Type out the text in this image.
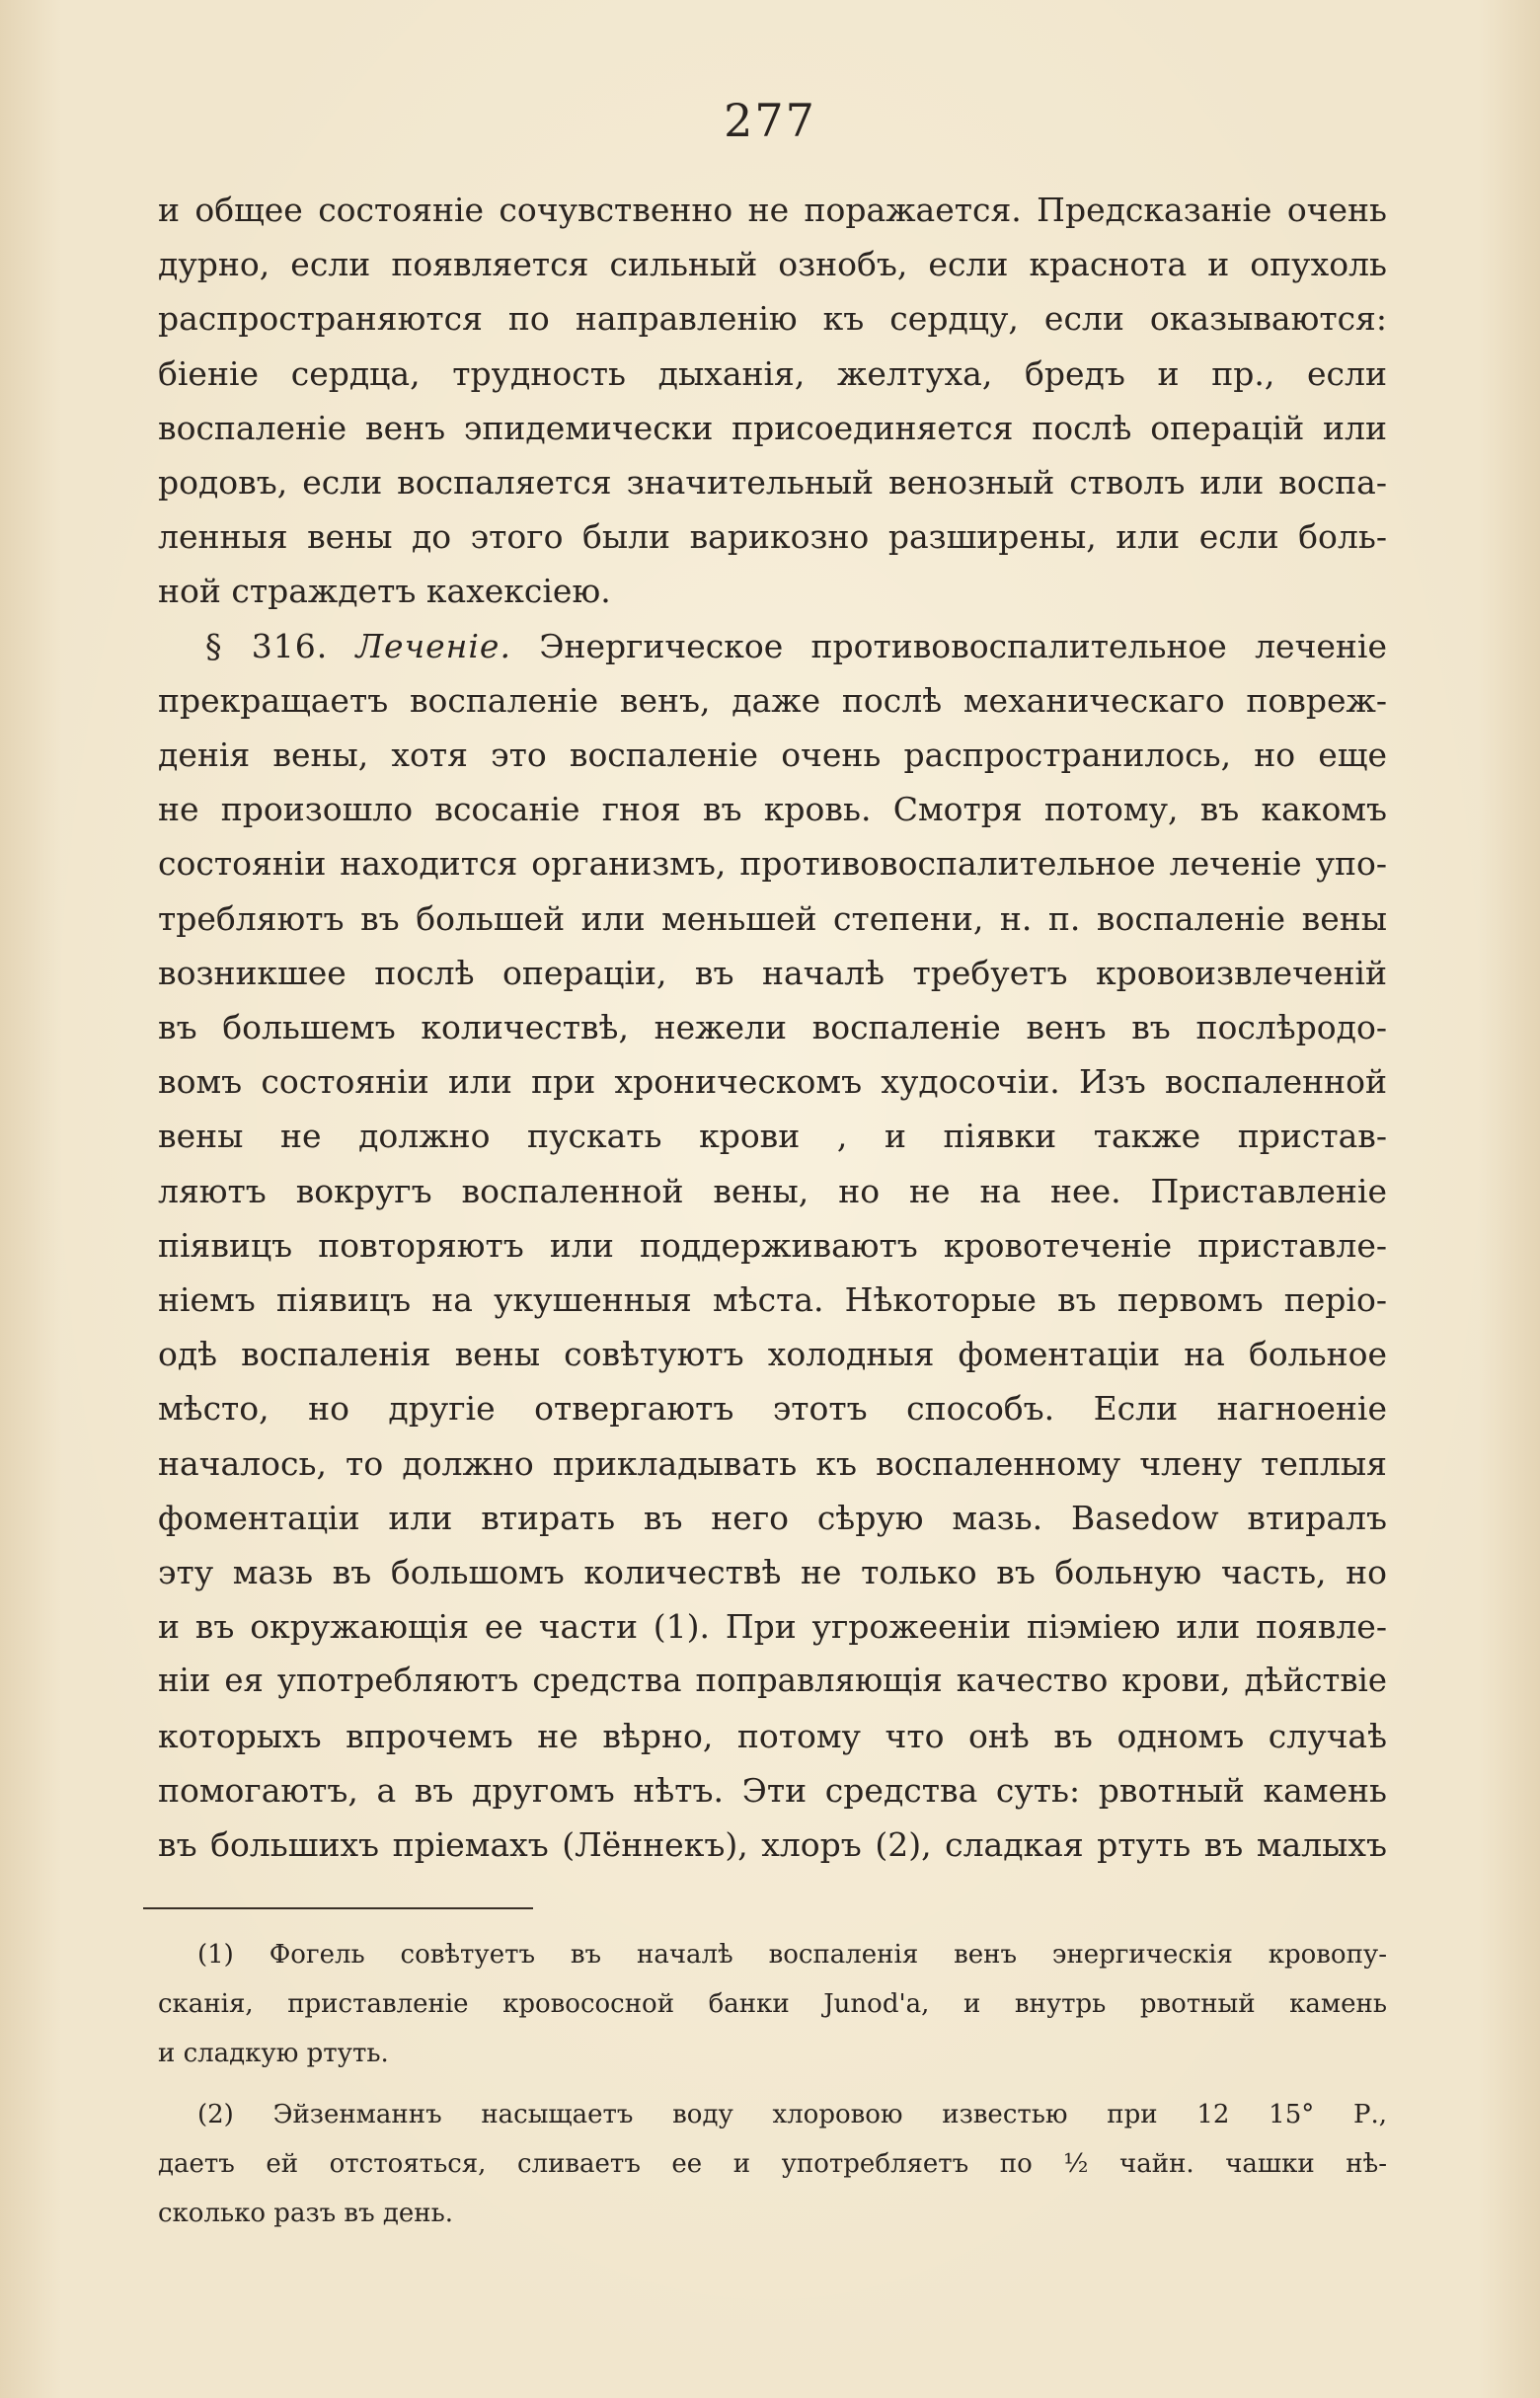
277
и общее состояніе сочувственно не поражается. Предсказаніе очень
дурно, если появляется сильный ознобъ, если краснота и опухоль
распространяются по направленію къ сердцу, если оказываются:
біеніе сердца, трудность дыханія, желтуха, бредъ и пр., если
воспаленіе венъ эпидемически присоединяется послѣ операцій или
родовъ, если воспаляется значительный венозный стволъ или воспа-
ленныя вены до этого были варикозно разширены, или если боль-
ной страждетъ кахексіею.
§ 316. Леченіе. Энергическое противовоспалительное леченіе
прекращаетъ воспаленіе венъ, даже послѣ механическаго повреж-
денія вены, хотя это воспаленіе очень распространилось, но еще
не произошло всосаніе гноя въ кровь. Смотря потому, въ какомъ
состояніи находится организмъ, противовоспалительное леченіе упо-
требляютъ въ большей или меньшей степени, н. п. воспаленіе вены
возникшее послѣ операціи, въ началѣ требуетъ кровоизвлеченій
въ большемъ количествѣ, нежели воспаленіе венъ въ послѣродо-
вомъ состояніи или при хроническомъ худосочіи. Изъ воспаленной
вены не должно пускать крови , и піявки также пристав-
ляютъ вокругъ воспаленной вены, но не на нее. Приставленіе
піявицъ повторяютъ или поддерживаютъ кровотеченіе приставле-
ніемъ піявицъ на укушенныя мѣста. Нѣкоторые въ первомъ періо-
одѣ воспаленія вены совѣтуютъ холодныя фоментаціи на больное
мѣсто, но другіе отвергаютъ этотъ способъ. Если нагноеніе
началось, то должно прикладывать къ воспаленному члену теплыя
фоментаціи или втирать въ него сѣрую мазь. Basedow втиралъ
эту мазь въ большомъ количествѣ не только въ больную часть, но
и въ окружающія ее части (1). При угрожееніи піэміею или появле-
ніи ея употребляютъ средства поправляющія качество крови, дѣйствіе
которыхъ впрочемъ не вѣрно, потому что онѣ въ одномъ случаѣ
помогаютъ, а въ другомъ нѣтъ. Эти средства суть: рвотный камень
въ большихъ пріемахъ (Лённекъ), хлоръ (2), сладкая ртуть въ малыхъ
(1) Фогель совѣтуетъ въ началѣ воспаленія венъ энергическія кровопу-
сканія, приставленіе кровососной банки Junod'а, и внутрь рвотный камень
и сладкую ртуть.
(2) Эйзенманнъ насыщаетъ воду хлоровою известью при 12 15° Р.,
даетъ ей отстояться, сливаетъ ее и употребляетъ по ½ чайн. чашки нѣ-
сколько разъ въ день.
